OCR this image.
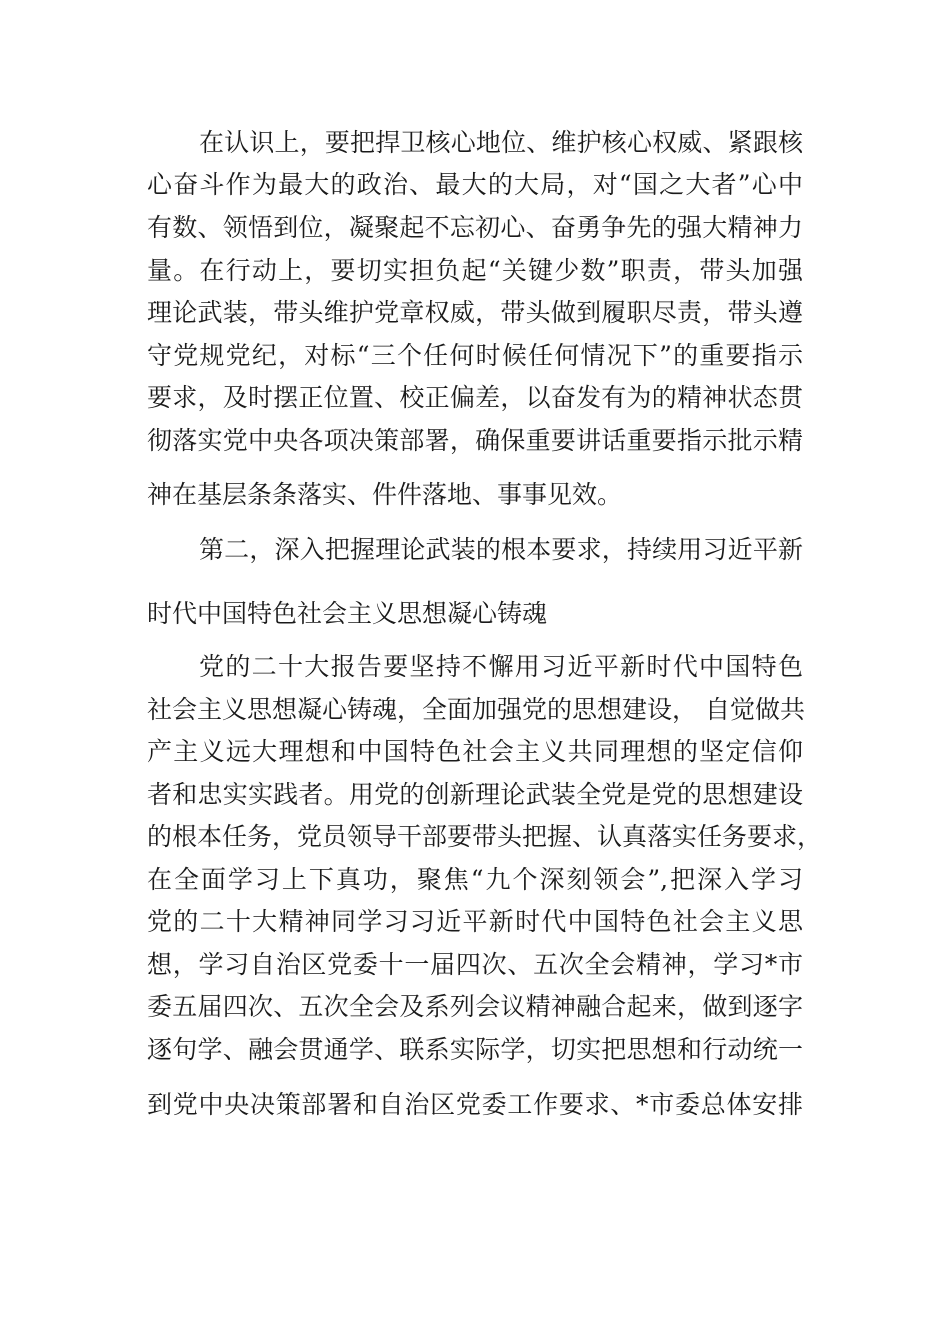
在认识上，要把捍卫核心地位、维护核心权威、紧跟核
心奋斗作为最大的政治、最大的大局，对“国之大者”心中
有数、领悟到位，凝聚起不忘初心、奋勇争先的强大精神力
量。在行动上，要切实担负起“关键少数”职责，带头加强
理论武装，带头维护党章权威，带头做到履职尽责，带头遵
守党规党纪，对标“三个任何时候任何情况下”的重要指示
要求，及时摆正位置、校正偏差，以奋发有为的精神状态贯
彻落实党中央各项决策部署，确保重要讲话重要指示批示精
神在基层条条落实、件件落地、事事见效。
第二，深入把握理论武装的根本要求，持续用习近平新
时代中国特色社会主义思想凝心铸魂
党的二十大报告要坚持不懈用习近平新时代中国特色
社会主义思想凝心铸魂，全面加强党的思想建设， 自觉做共
产主义远大理想和中国特色社会主义共同理想的坚定信仰
者和忠实实践者。用党的创新理论武装全党是党的思想建设
的根本任务，党员领导干部要带头把握、认真落实任务要求，
在全面学习上下真功，聚焦“九个深刻领会”,把深入学习
党的二十大精神同学习习近平新时代中国特色社会主义思
想，学习自治区党委十一届四次、五次全会精神，学习*市
委五届四次、五次全会及系列会议精神融合起来，做到逐字
逐句学、融会贯通学、联系实际学，切实把思想和行动统一
到党中央决策部署和自治区党委工作要求、*市委总体安排
